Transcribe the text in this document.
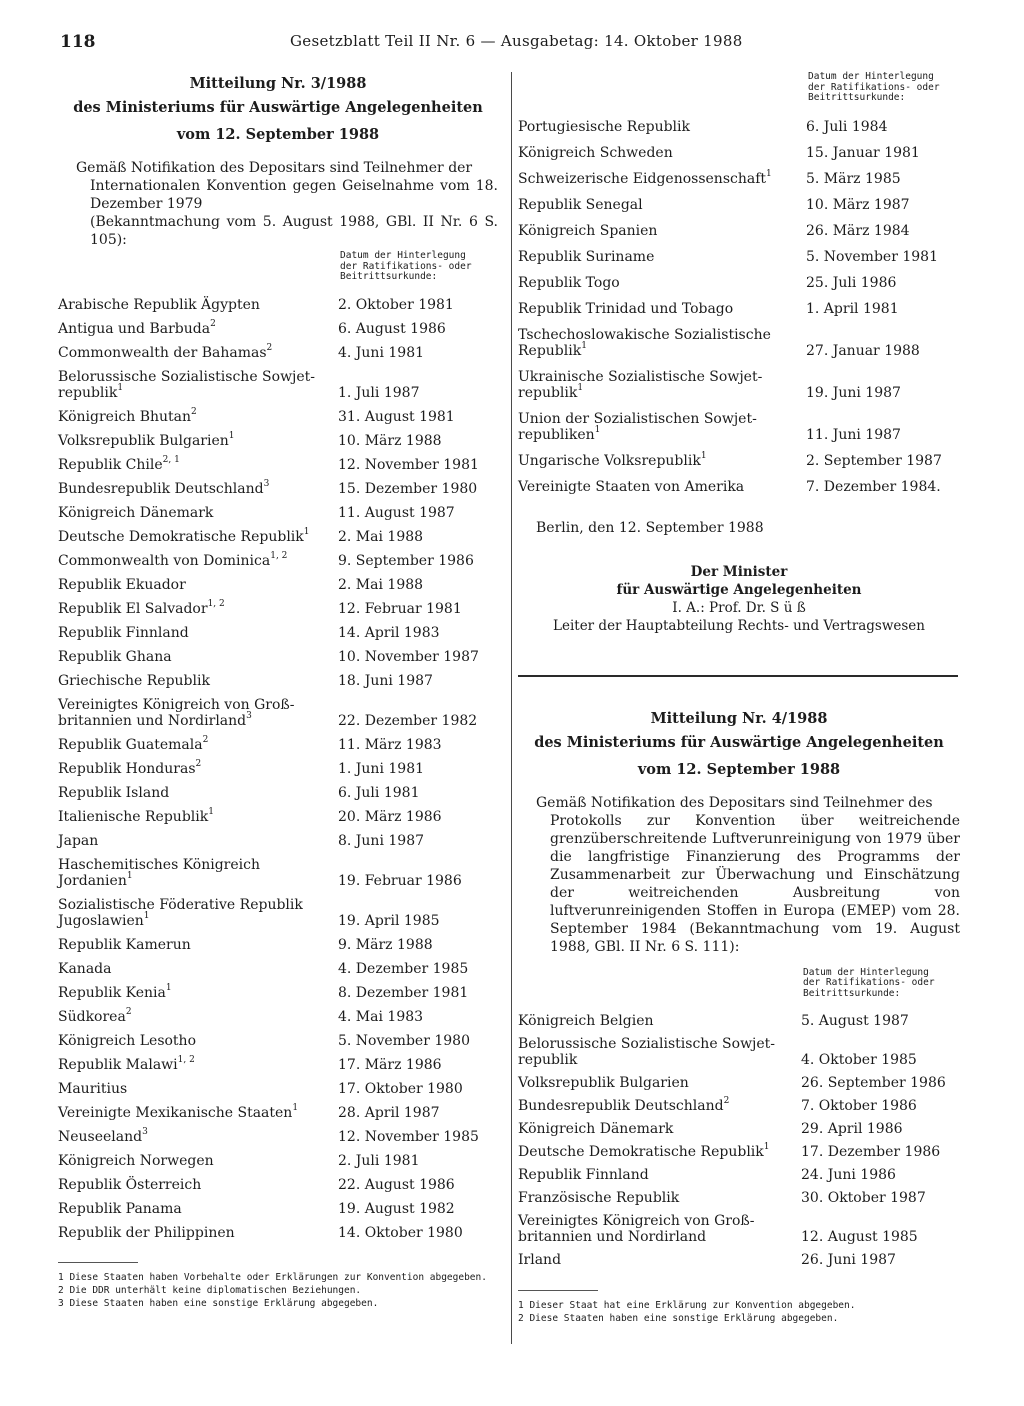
118	Gesetzblatt Teil II Nr. 6 — Ausgabetag: 14. Oktober 1988
Mitteilung Nr. 3/1988
des Ministeriums für Auswärtige Angelegenheiten
vom 12. September 1988

Gemäß Notifikation des Depositars sind Teilnehmer der

Internationalen Konvention gegen Geiselnahme vom 18. Dezember 1979

(Bekanntmachung vom 5. August 1988, GBl. II Nr. 6 S. 105):

Datum der Hinterlegung
der Ratifikations- oder
Beitrittsurkunde:
Arabische Republik Ägypten	2. Oktober 1981
Antigua und Barbuda$^2$	6. August 1986
Commonwealth der Bahamas$^2$	4. Juni 1981
Belorussische Sozialistische Sowjet- republik$^1$	1. Juli 1987
Königreich Bhutan$^2$	31. August 1981
Volksrepublik Bulgarien$^1$	10. März 1988
Republik Chile$^{2, 1}$	12. November 1981
Bundesrepublik Deutschland$^3$	15. Dezember 1980
Königreich Dänemark	11. August 1987
Deutsche Demokratische Republik$^1$	2. Mai 1988
Commonwealth von Dominica$^{1, 2}$	9. September 1986
Republik Ekuador	2. Mai 1988
Republik El Salvador$^{1, 2}$	12. Februar 1981
Republik Finnland	14. April 1983
Republik Ghana	10. November 1987
Griechische Republik	18. Juni 1987
Vereinigtes Königreich von Groß- britannien und Nordirland$^3$	22. Dezember 1982
Republik Guatemala$^2$	11. März 1983
Republik Honduras$^2$	1. Juni 1981
Republik Island	6. Juli 1981
Italienische Republik$^1$	20. März 1986
Japan	8. Juni 1987
Haschemitisches Königreich Jordanien$^1$	19. Februar 1986
Sozialistische Föderative Republik Jugoslawien$^1$	19. April 1985
Republik Kamerun	9. März 1988
Kanada	4. Dezember 1985
Republik Kenia$^1$	8. Dezember 1981
Südkorea$^2$	4. Mai 1983
Königreich Lesotho	5. November 1980
Republik Malawi$^{1, 2}$	17. März 1986
Mauritius	17. Oktober 1980
Vereinigte Mexikanische Staaten$^1$	28. April 1987
Neuseeland$^3$	12. November 1985
Königreich Norwegen	2. Juli 1981
Republik Österreich	22. August 1986
Republik Panama	19. August 1982
Republik der Philippinen	14. Oktober 1980
1 Diese Staaten haben Vorbehalte oder Erklärungen zur Konvention abgegeben.
2 Die DDR unterhält keine diplomatischen Beziehungen.
3 Diese Staaten haben eine sonstige Erklärung abgegeben.
Datum der Hinterlegung
der Ratifikations- oder
Beitrittsurkunde:
Portugiesische Republik	6. Juli 1984
Königreich Schweden	15. Januar 1981
Schweizerische Eidgenossenschaft$^1$	5. März 1985
Republik Senegal	10. März 1987
Königreich Spanien	26. März 1984
Republik Suriname	5. November 1981
Republik Togo	25. Juli 1986
Republik Trinidad und Tobago	1. April 1981
Tschechoslowakische Sozialistische Republik$^1$	27. Januar 1988
Ukrainische Sozialistische Sowjet- republik$^1$	19. Juni 1987
Union der Sozialistischen Sowjet- republiken$^1$	11. Juni 1987
Ungarische Volksrepublik$^1$	2. September 1987
Vereinigte Staaten von Amerika	7. Dezember 1984.
Berlin, den 12. September 1988
Der Minister
für Auswärtige Angelegenheiten
I. A.: Prof. Dr. S ü ß
Leiter der Hauptabteilung Rechts- und Vertragswesen
Mitteilung Nr. 4/1988
des Ministeriums für Auswärtige Angelegenheiten
vom 12. September 1988

Gemäß Notifikation des Depositars sind Teilnehmer des

Protokolls zur Konvention über weitreichende grenzüberschreitende Luftverunreinigung von 1979 über die langfristige Finanzierung des Programms der Zusammenarbeit zur Überwachung und Einschätzung der weitreichenden Ausbreitung von luftverunreinigenden Stoffen in Europa (EMEP) vom 28. September 1984 (Bekanntmachung vom 19. August 1988, GBl. II Nr. 6 S. 111):

Datum der Hinterlegung
der Ratifikations- oder
Beitrittsurkunde:
Königreich Belgien	5. August 1987
Belorussische Sozialistische Sowjet- republik	4. Oktober 1985
Volksrepublik Bulgarien	26. September 1986
Bundesrepublik Deutschland$^2$	7. Oktober 1986
Königreich Dänemark	29. April 1986
Deutsche Demokratische Republik$^1$	17. Dezember 1986
Republik Finnland	24. Juni 1986
Französische Republik	30. Oktober 1987
Vereinigtes Königreich von Groß- britannien und Nordirland	12. August 1985
Irland	26. Juni 1987
1 Dieser Staat hat eine Erklärung zur Konvention abgegeben.
2 Diese Staaten haben eine sonstige Erklärung abgegeben.
